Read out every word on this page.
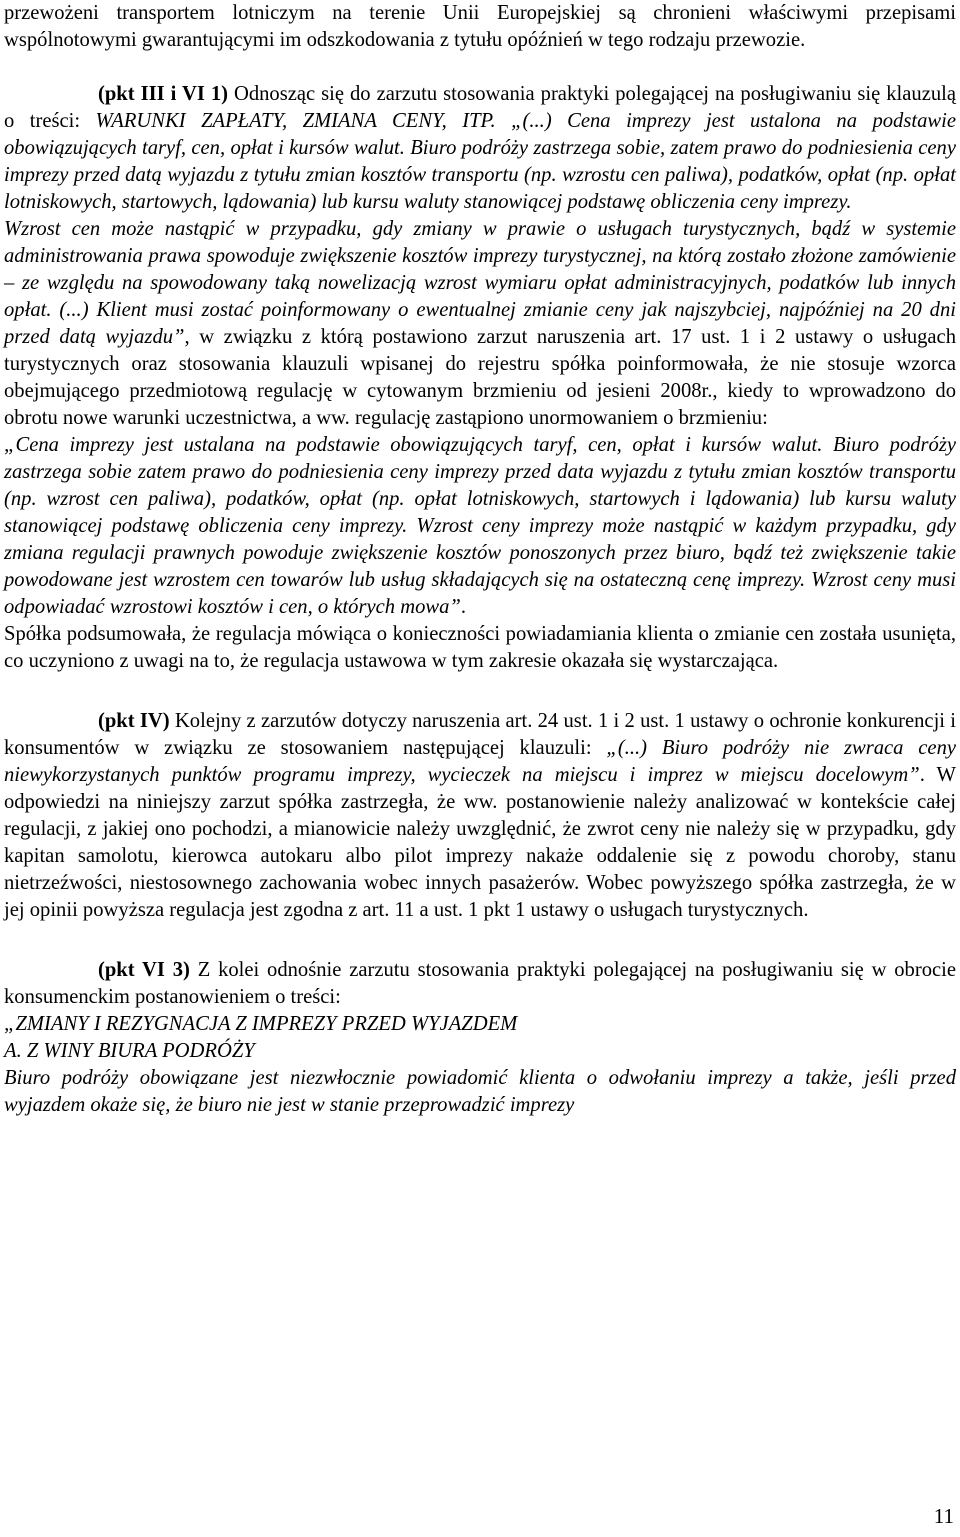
przewożeni transportem lotniczym na terenie Unii Europejskiej są chronieni właściwymi przepisami wspólnotowymi gwarantującymi im odszkodowania z tytułu opóźnień w tego rodzaju przewozie.

(pkt III i VI 1) Odnosząc się do zarzutu stosowania praktyki polegającej na posługiwaniu się klauzulą o treści: WARUNKI ZAPŁATY, ZMIANA CENY, ITP. „(...) Cena imprezy jest ustalona na podstawie obowiązujących taryf, cen, opłat i kursów walut. Biuro podróży zastrzega sobie, zatem prawo do podniesienia ceny imprezy przed datą wyjazdu z tytułu zmian kosztów transportu (np. wzrostu cen paliwa), podatków, opłat (np. opłat lotniskowych, startowych, lądowania) lub kursu waluty stanowiącej podstawę obliczenia ceny imprezy.

Wzrost cen może nastąpić w przypadku, gdy zmiany w prawie o usługach turystycznych, bądź w systemie administrowania prawa spowoduje zwiększenie kosztów imprezy turystycznej, na którą zostało złożone zamówienie – ze względu na spowodowany taką nowelizacją wzrost wymiaru opłat administracyjnych, podatków lub innych opłat. (...) Klient musi zostać poinformowany o ewentualnej zmianie ceny jak najszybciej, najpóźniej na 20 dni przed datą wyjazdu”, w związku z którą postawiono zarzut naruszenia art. 17 ust. 1 i 2 ustawy o usługach turystycznych oraz stosowania klauzuli wpisanej do rejestru spółka poinformowała, że nie stosuje wzorca obejmującego przedmiotową regulację w cytowanym brzmieniu od jesieni 2008r., kiedy to wprowadzono do obrotu nowe warunki uczestnictwa, a ww. regulację zastąpiono unormowaniem o brzmieniu:

„Cena imprezy jest ustalana na podstawie obowiązujących taryf, cen, opłat i kursów walut. Biuro podróży zastrzega sobie zatem prawo do podniesienia ceny imprezy przed data wyjazdu z tytułu zmian kosztów transportu (np. wzrost cen paliwa), podatków, opłat (np. opłat lotniskowych, startowych i lądowania) lub kursu waluty stanowiącej podstawę obliczenia ceny imprezy. Wzrost ceny imprezy może nastąpić w każdym przypadku, gdy zmiana regulacji prawnych powoduje zwiększenie kosztów ponoszonych przez biuro, bądź też zwiększenie takie powodowane jest wzrostem cen towarów lub usług składających się na ostateczną cenę imprezy. Wzrost ceny musi odpowiadać wzrostowi kosztów i cen, o których mowa”.

Spółka podsumowała, że regulacja mówiąca o konieczności powiadamiania klienta o zmianie cen została usunięta, co uczyniono z uwagi na to, że regulacja ustawowa w tym zakresie okazała się wystarczająca.

(pkt IV) Kolejny z zarzutów dotyczy naruszenia art. 24 ust. 1 i 2 ust. 1 ustawy o ochronie konkurencji i konsumentów w związku ze stosowaniem następującej klauzuli: „(...) Biuro podróży nie zwraca ceny niewykorzystanych punktów programu imprezy, wycieczek na miejscu i imprez w miejscu docelowym”. W odpowiedzi na niniejszy zarzut spółka zastrzegła, że ww. postanowienie należy analizować w kontekście całej regulacji, z jakiej ono pochodzi, a mianowicie należy uwzględnić, że zwrot ceny nie należy się w przypadku, gdy kapitan samolotu, kierowca autokaru albo pilot imprezy nakaże oddalenie się z powodu choroby, stanu nietrzeźwości, niestosownego zachowania wobec innych pasażerów. Wobec powyższego spółka zastrzegła, że w jej opinii powyższa regulacja jest zgodna z art. 11 a ust. 1 pkt 1 ustawy o usługach turystycznych.

(pkt VI 3) Z kolei odnośnie zarzutu stosowania praktyki polegającej na posługiwaniu się w obrocie konsumenckim postanowieniem o treści:

„ZMIANY I REZYGNACJA Z IMPREZY PRZED WYJAZDEM

A. Z WINY BIURA PODRÓŻY

Biuro podróży obowiązane jest niezwłocznie powiadomić klienta o odwołaniu imprezy a także, jeśli przed wyjazdem okaże się, że biuro nie jest w stanie przeprowadzić imprezy

11
